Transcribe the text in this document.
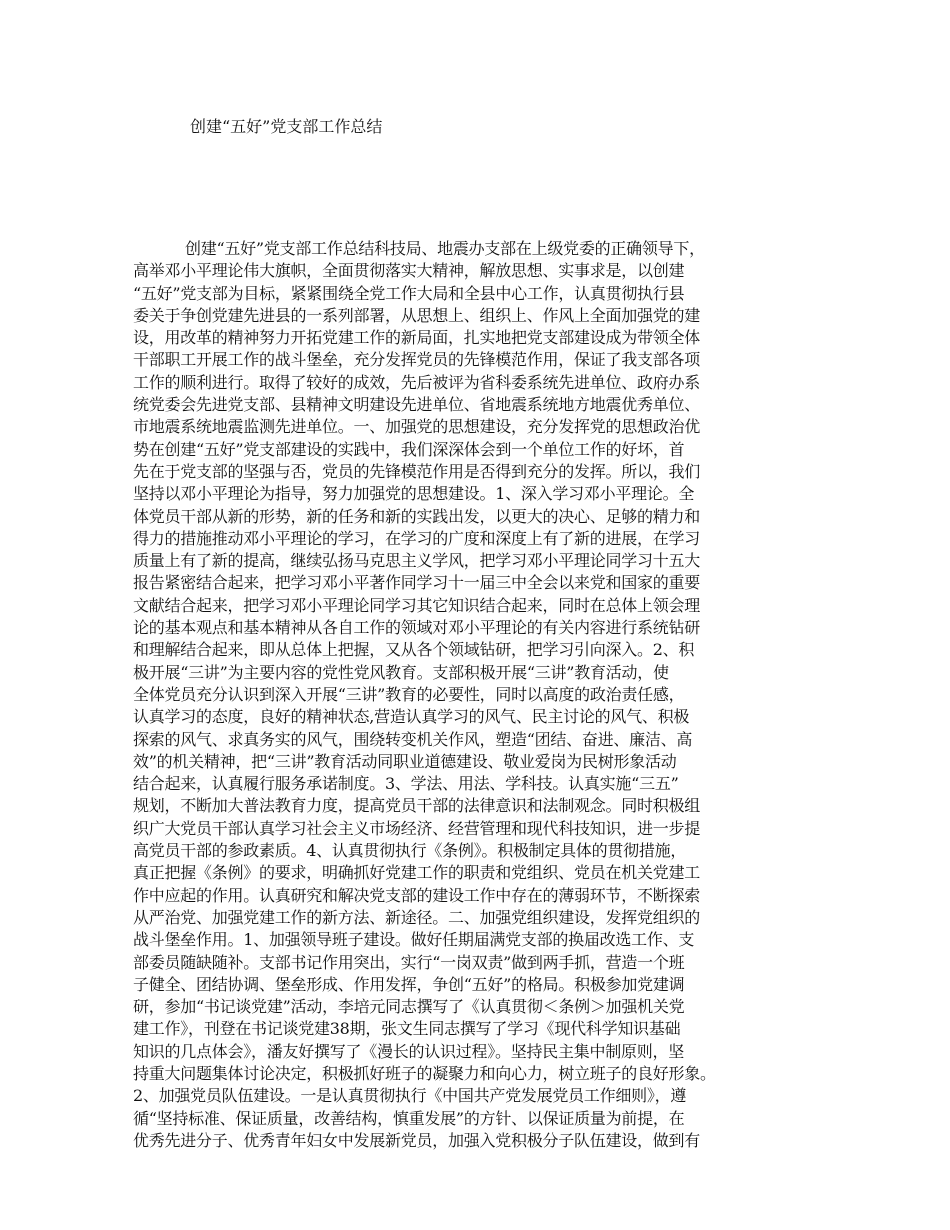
创建“五好”党支部工作总结
创建“五好”党支部工作总结科技局、地震办支部在上级党委的正确领导下，
高举邓小平理论伟大旗帜，全面贯彻落实大精神，解放思想、实事求是，以创建
“五好”党支部为目标，紧紧围绕全党工作大局和全县中心工作，认真贯彻执行县
委关于争创党建先进县的一系列部署，从思想上、组织上、作风上全面加强党的建
设，用改革的精神努力开拓党建工作的新局面，扎实地把党支部建设成为带领全体
干部职工开展工作的战斗堡垒，充分发挥党员的先锋模范作用，保证了我支部各项
工作的顺利进行。取得了较好的成效，先后被评为省科委系统先进单位、政府办系
统党委会先进党支部、县精神文明建设先进单位、省地震系统地方地震优秀单位、
市地震系统地震监测先进单位。一、加强党的思想建设，充分发挥党的思想政治优
势在创建“五好”党支部建设的实践中，我们深深体会到一个单位工作的好坏，首
先在于党支部的坚强与否，党员的先锋模范作用是否得到充分的发挥。所以，我们
坚持以邓小平理论为指导，努力加强党的思想建设。1、深入学习邓小平理论。全
体党员干部从新的形势，新的任务和新的实践出发，以更大的决心、足够的精力和
得力的措施推动邓小平理论的学习，在学习的广度和深度上有了新的进展，在学习
质量上有了新的提高，继续弘扬马克思主义学风，把学习邓小平理论同学习十五大
报告紧密结合起来，把学习邓小平著作同学习十一届三中全会以来党和国家的重要
文献结合起来，把学习邓小平理论同学习其它知识结合起来，同时在总体上领会理
论的基本观点和基本精神从各自工作的领域对邓小平理论的有关内容进行系统钻研
和理解结合起来，即从总体上把握，又从各个领域钻研，把学习引向深入。2、积
极开展“三讲”为主要内容的党性党风教育。支部积极开展“三讲”教育活动，使
全体党员充分认识到深入开展“三讲”教育的必要性，同时以高度的政治责任感，
认真学习的态度，良好的精神状态,营造认真学习的风气、民主讨论的风气、积极
探索的风气、求真务实的风气，围绕转变机关作风，塑造“团结、奋进、廉洁、高
效”的机关精神，把“三讲”教育活动同职业道德建设、敬业爱岗为民树形象活动
结合起来，认真履行服务承诺制度。3、学法、用法、学科技。认真实施“三五”
规划，不断加大普法教育力度，提高党员干部的法律意识和法制观念。同时积极组
织广大党员干部认真学习社会主义市场经济、经营管理和现代科技知识，进一步提
高党员干部的参政素质。4、认真贯彻执行《条例》。积极制定具体的贯彻措施，
真正把握《条例》的要求，明确抓好党建工作的职责和党组织、党员在机关党建工
作中应起的作用。认真研究和解决党支部的建设工作中存在的薄弱环节，不断探索
从严治党、加强党建工作的新方法、新途径。二、加强党组织建设，发挥党组织的
战斗堡垒作用。1、加强领导班子建设。做好任期届满党支部的换届改选工作、支
部委员随缺随补。支部书记作用突出，实行“一岗双责”做到两手抓，营造一个班
子健全、团结协调、堡垒形成、作用发挥，争创“五好”的格局。积极参加党建调
研，参加“书记谈党建”活动，李培元同志撰写了《认真贯彻＜条例＞加强机关党
建工作》，刊登在书记谈党建38期，张文生同志撰写了学习《现代科学知识基础
知识的几点体会》，潘友好撰写了《漫长的认识过程》。坚持民主集中制原则，坚
持重大问题集体讨论决定，积极抓好班子的凝聚力和向心力，树立班子的良好形象。
2、加强党员队伍建设。一是认真贯彻执行《中国共产党发展党员工作细则》，遵
循“坚持标准、保证质量，改善结构，慎重发展”的方针、以保证质量为前提，在
优秀先进分子、优秀青年妇女中发展新党员，加强入党积极分子队伍建设，做到有
